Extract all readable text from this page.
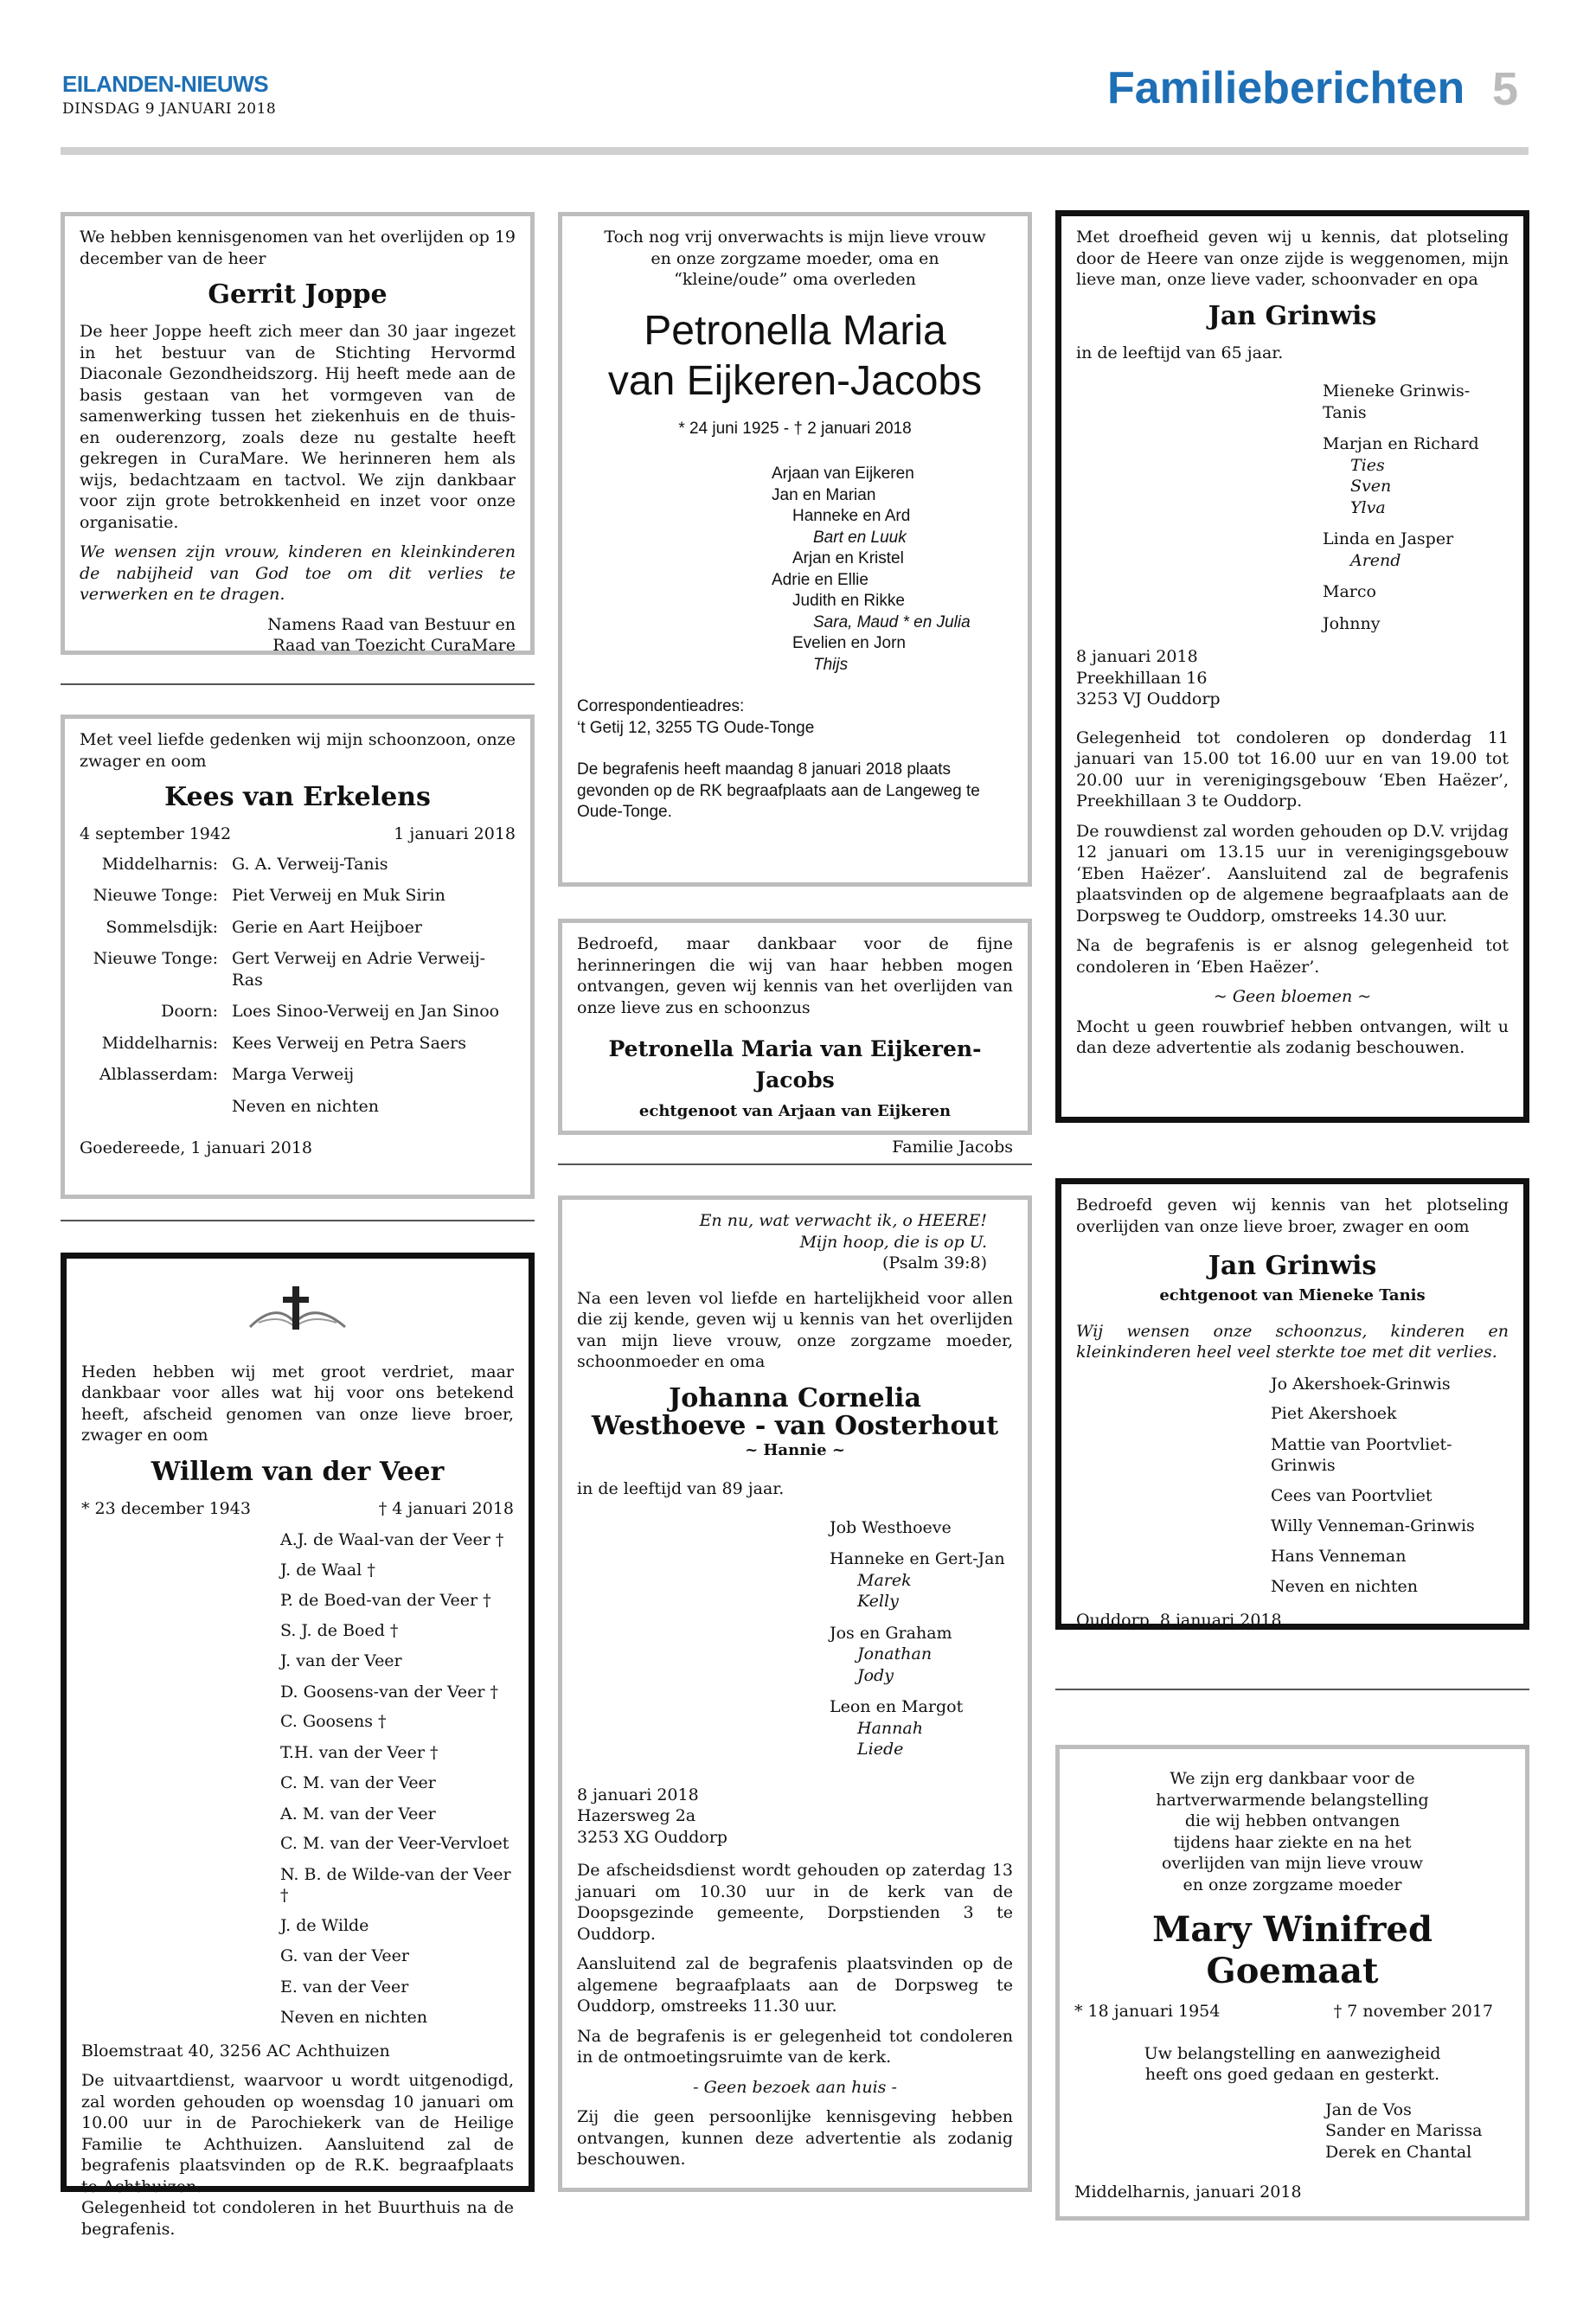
EILANDEN-NIEUWS
DINSDAG 9 JANUARI 2018	Familieberichten 5

We hebben kennisgenomen van het overlijden op 19 december van de heer

Gerrit Joppe

De heer Joppe heeft zich meer dan 30 jaar ingezet in het bestuur van de Stichting Hervormd Diaconale Gezondheidszorg. Hij heeft mede aan de basis gestaan van het vormgeven van de samenwerking tussen het ziekenhuis en de thuis- en ouderenzorg, zoals deze nu gestalte heeft gekregen in CuraMare. We herinneren hem als wijs, bedachtzaam en tactvol. We zijn dankbaar voor zijn grote betrokkenheid en inzet voor onze organisatie.

We wensen zijn vrouw, kinderen en kleinkinderen de nabijheid van God toe om dit verlies te verwerken en te dragen.

Namens Raad van Bestuur en
Raad van Toezicht CuraMare

Met veel liefde gedenken wij mijn schoonzoon, onze zwager en oom

Kees van Erkelens
4 september 1942	1 januari 2018
Middelharnis: G. A. Verweij-Tanis
Nieuwe Tonge: Piet Verweij en Muk Sirin
Sommelsdijk: Gerie en Aart Heijboer
Nieuwe Tonge: Gert Verweij en Adrie Verweij-Ras
Doorn: Loes Sinoo-Verweij en Jan Sinoo
Middelharnis: Kees Verweij en Petra Saers
Alblasserdam: Marga Verweij
Neven en nichten

Goedereede, 1 januari 2018

Heden hebben wij met groot verdriet, maar dankbaar voor alles wat hij voor ons betekend heeft, afscheid genomen van onze lieve broer, zwager en oom

Willem van der Veer
* 23 december 1943	† 4 januari 2018
A.J. de Waal-van der Veer †
J. de Waal †
P. de Boed-van der Veer †
S. J. de Boed †
J. van der Veer
D. Goosens-van der Veer †
C. Goosens †
T.H. van der Veer †
C. M. van der Veer
A. M. van der Veer
C. M. van der Veer-Vervloet
N. B. de Wilde-van der Veer †
J. de Wilde
G. van der Veer
E. van der Veer
Neven en nichten

Bloemstraat 40, 3256 AC Achthuizen

De uitvaartdienst, waarvoor u wordt uitgenodigd, zal worden gehouden op woensdag 10 januari om 10.00 uur in de Parochiekerk van de Heilige Familie te Achthuizen. Aansluitend zal de begrafenis plaatsvinden op de R.K. begraafplaats te Achthuizen.
Gelegenheid tot condoleren in het Buurthuis na de begrafenis.
Toch nog vrij onverwachts is mijn lieve vrouw
en onze zorgzame moeder, oma en
“kleine/oude” oma overleden
Petronella Maria
van Eijkeren-Jacobs
* 24 juni 1925 - † 2 januari 2018
Arjaan van Eijkeren
Jan en Marian
Hanneke en Ard
Bart en Luuk
Arjan en Kristel
Adrie en Ellie
Judith en Rikke
Sara, Maud * en Julia
Evelien en Jorn
Thijs
Correspondentieadres:
‘t Getij 12, 3255 TG Oude-Tonge
De begrafenis heeft maandag 8 januari 2018 plaats gevonden op de RK begraafplaats aan de Langeweg te Oude-Tonge.

Bedroefd, maar dankbaar voor de fijne herinneringen die wij van haar hebben mogen ontvangen, geven wij kennis van het overlijden van onze lieve zus en schoonzus

Petronella Maria van Eijkeren-Jacobs
echtgenoot van Arjaan van Eijkeren
Familie Jacobs
En nu, wat verwacht ik, o HEERE!
Mijn hoop, die is op U.
(Psalm 39:8)

Na een leven vol liefde en hartelijkheid voor allen die zij kende, geven wij u kennis van het overlijden van mijn lieve vrouw, onze zorgzame moeder, schoonmoeder en oma

Johanna Cornelia
Westhoeve - van Oosterhout
~ Hannie ~

in de leeftijd van 89 jaar.

Job Westhoeve
Hanneke en Gert-Jan
Marek
Kelly
Jos en Graham
Jonathan
Jody
Leon en Margot
Hannah
Liede
8 januari 2018
Hazersweg 2a

3253 XG Ouddorp

De afscheidsdienst wordt gehouden op zaterdag 13 januari om 10.30 uur in de kerk van de Doopsgezinde gemeente, Dorpstienden 3 te Ouddorp.

Aansluitend zal de begrafenis plaatsvinden op de algemene begraafplaats aan de Dorpsweg te Ouddorp, omstreeks 11.30 uur.

Na de begrafenis is er gelegenheid tot condoleren in de ontmoetingsruimte van de kerk.

- Geen bezoek aan huis -

Zij die geen persoonlijke kennisgeving hebben ontvangen, kunnen deze advertentie als zodanig beschouwen.

Met droefheid geven wij u kennis, dat plotseling door de Heere van onze zijde is weggenomen, mijn lieve man, onze lieve vader, schoonvader en opa

Jan Grinwis

in de leeftijd van 65 jaar.

Mieneke Grinwis-Tanis
Marjan en Richard
Ties
Sven
Ylva
Linda en Jasper
Arend
Marco
Johnny
8 januari 2018
Preekhillaan 16

3253 VJ Ouddorp

Gelegenheid tot condoleren op donderdag 11 januari van 15.00 tot 16.00 uur en van 19.00 tot 20.00 uur in verenigingsgebouw ‘Eben Haëzer’, Preekhillaan 3 te Ouddorp.

De rouwdienst zal worden gehouden op D.V. vrijdag 12 januari om 13.15 uur in verenigingsgebouw ‘Eben Haëzer’. Aansluitend zal de begrafenis plaatsvinden op de algemene begraafplaats aan de Dorpsweg te Ouddorp, omstreeks 14.30 uur.

Na de begrafenis is er alsnog gelegenheid tot condoleren in ‘Eben Haëzer’.

~ Geen bloemen ~

Mocht u geen rouwbrief hebben ontvangen, wilt u dan deze advertentie als zodanig beschouwen.

Bedroefd geven wij kennis van het plotseling overlijden van onze lieve broer, zwager en oom

Jan Grinwis
echtgenoot van Mieneke Tanis

Wij wensen onze schoonzus, kinderen en kleinkinderen heel veel sterkte toe met dit verlies.

Jo Akershoek-Grinwis
Piet Akershoek
Mattie van Poortvliet-Grinwis
Cees van Poortvliet
Willy Venneman-Grinwis
Hans Venneman
Neven en nichten
Ouddorp, 8 januari 2018
We zijn erg dankbaar voor de
hartverwarmende belangstelling
die wij hebben ontvangen
tijdens haar ziekte en na het
overlijden van mijn lieve vrouw
en onze zorgzame moeder
Mary Winifred Goemaat
* 18 januari 1954	† 7 november 2017
Uw belangstelling en aanwezigheid
heeft ons goed gedaan en gesterkt.
Jan de Vos
Sander en Marissa
Derek en Chantal
Middelharnis, januari 2018
